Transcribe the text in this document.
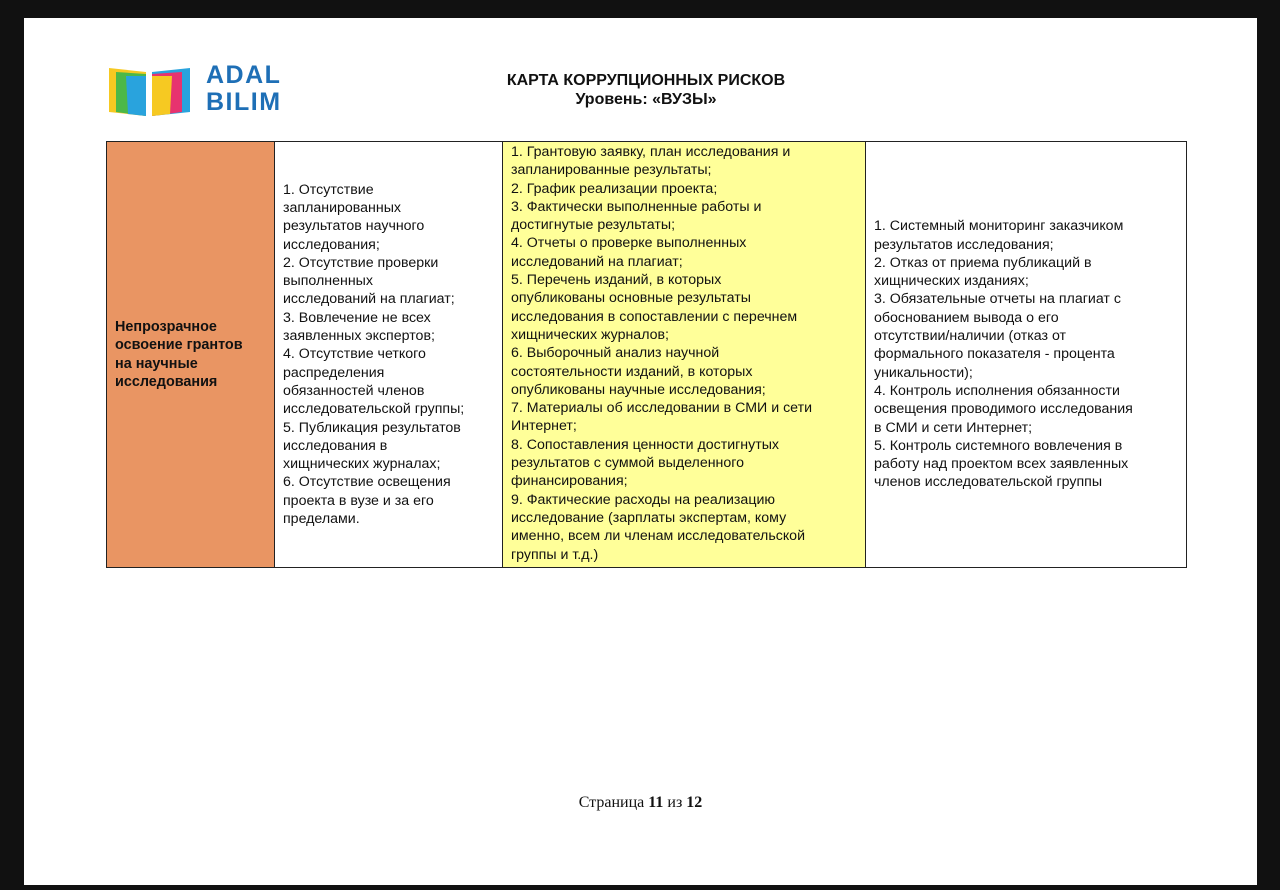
ADAL
BILIM
КАРТА КОРРУПЦИОННЫХ РИСКОВ
Уровень: «ВУЗЫ»
Непрозрачное
освоение грантов
на научные
исследования

1. Отсутствие
запланированных
результатов научного
исследования;
2. Отсутствие проверки
выполненных
исследований на плагиат;
3. Вовлечение не всех
заявленных экспертов;
4. Отсутствие четкого
распределения
обязанностей членов
исследовательской группы;
5. Публикация результатов
исследования в
хищнических журналах;
6. Отсутствие освещения
проекта в вузе и за его
пределами.

1. Грантовую заявку, план исследования и
запланированные результаты;
2. График реализации проекта;
3. Фактически выполненные работы и
достигнутые результаты;
4. Отчеты о проверке выполненных
исследований на плагиат;
5. Перечень изданий, в которых
опубликованы основные результаты
исследования в сопоставлении с перечнем
хищнических журналов;
6. Выборочный анализ научной
состоятельности изданий, в которых
опубликованы научные исследования;
7. Материалы об исследовании в СМИ и сети
Интернет;
8. Сопоставления ценности достигнутых
результатов с суммой выделенного
финансирования;
9. Фактические расходы на реализацию
исследование (зарплаты экспертам, кому
именно, всем ли членам исследовательской
группы и т.д.)

1. Системный мониторинг заказчиком
результатов исследования;
2. Отказ от приема публикаций в
хищнических изданиях;
3. Обязательные отчеты на плагиат с
обоснованием вывода о его
отсутствии/наличии (отказ от
формального показателя - процента
уникальности);
4. Контроль исполнения обязанности
освещения проводимого исследования
в СМИ и сети Интернет;
5. Контроль системного вовлечения в
работу над проектом всех заявленных
членов исследовательской группы
Страница 11 из 12
